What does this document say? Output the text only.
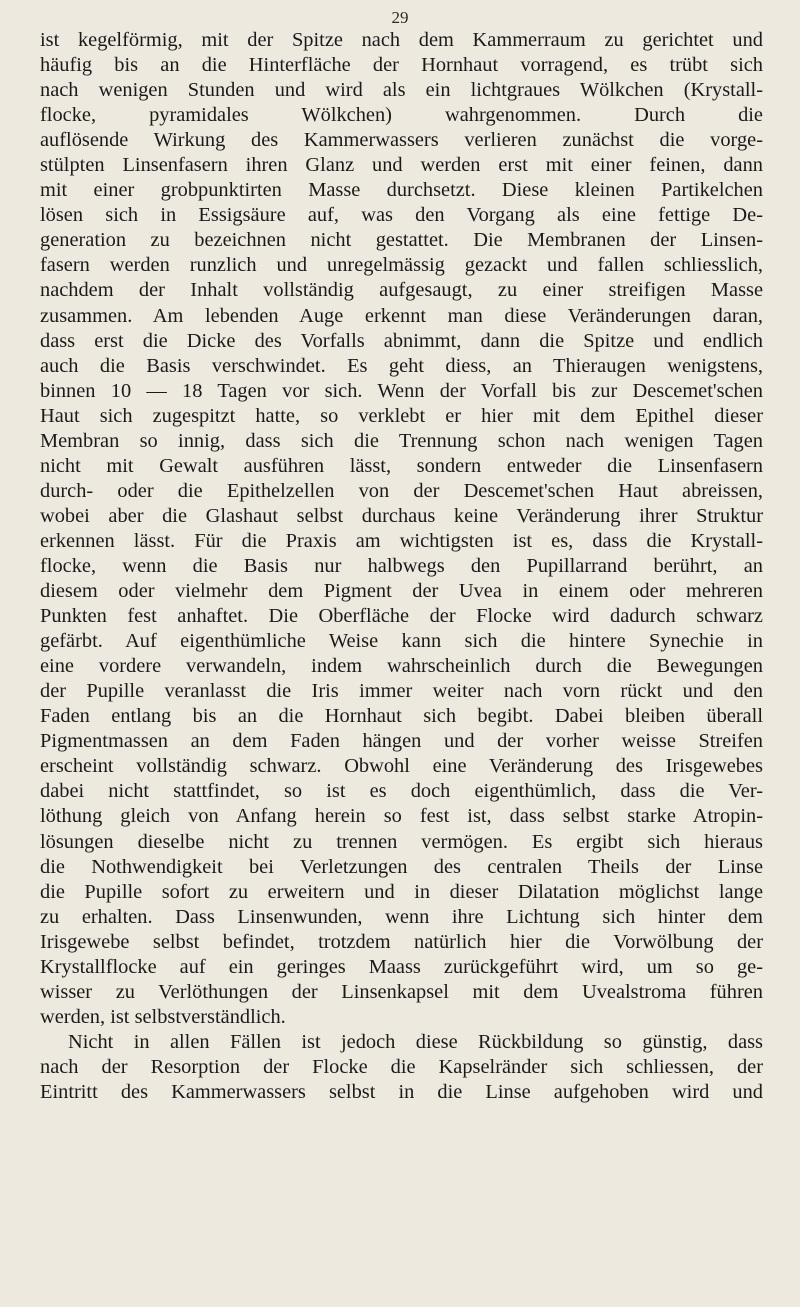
29
ist kegelförmig, mit der Spitze nach dem Kammerraum zu gerichtet und
häufig bis an die Hinterfläche der Hornhaut vorragend, es trübt sich
nach wenigen Stunden und wird als ein lichtgraues Wölkchen (Krystall-
flocke, pyramidales Wölkchen) wahrgenommen. Durch die
auflösende Wirkung des Kammerwassers verlieren zunächst die vorge-
stülpten Linsenfasern ihren Glanz und werden erst mit einer feinen, dann
mit einer grobpunktirten Masse durchsetzt. Diese kleinen Partikelchen
lösen sich in Essigsäure auf, was den Vorgang als eine fettige De-
generation zu bezeichnen nicht gestattet. Die Membranen der Linsen-
fasern werden runzlich und unregelmässig gezackt und fallen schliesslich,
nachdem der Inhalt vollständig aufgesaugt, zu einer streifigen Masse
zusammen. Am lebenden Auge erkennt man diese Veränderungen daran,
dass erst die Dicke des Vorfalls abnimmt, dann die Spitze und endlich
auch die Basis verschwindet. Es geht diess, an Thieraugen wenigstens,
binnen 10 — 18 Tagen vor sich. Wenn der Vorfall bis zur Descemet'schen
Haut sich zugespitzt hatte, so verklebt er hier mit dem Epithel dieser
Membran so innig, dass sich die Trennung schon nach wenigen Tagen
nicht mit Gewalt ausführen lässt, sondern entweder die Linsenfasern
durch- oder die Epithelzellen von der Descemet'schen Haut abreissen,
wobei aber die Glashaut selbst durchaus keine Veränderung ihrer Struktur
erkennen lässt. Für die Praxis am wichtigsten ist es, dass die Krystall-
flocke, wenn die Basis nur halbwegs den Pupillarrand berührt, an
diesem oder vielmehr dem Pigment der Uvea in einem oder mehreren
Punkten fest anhaftet. Die Oberfläche der Flocke wird dadurch schwarz
gefärbt. Auf eigenthümliche Weise kann sich die hintere Synechie in
eine vordere verwandeln, indem wahrscheinlich durch die Bewegungen
der Pupille veranlasst die Iris immer weiter nach vorn rückt und den
Faden entlang bis an die Hornhaut sich begibt. Dabei bleiben überall
Pigmentmassen an dem Faden hängen und der vorher weisse Streifen
erscheint vollständig schwarz. Obwohl eine Veränderung des Irisgewebes
dabei nicht stattfindet, so ist es doch eigenthümlich, dass die Ver-
löthung gleich von Anfang herein so fest ist, dass selbst starke Atropin-
lösungen dieselbe nicht zu trennen vermögen. Es ergibt sich hieraus
die Nothwendigkeit bei Verletzungen des centralen Theils der Linse
die Pupille sofort zu erweitern und in dieser Dilatation möglichst lange
zu erhalten. Dass Linsenwunden, wenn ihre Lichtung sich hinter dem
Irisgewebe selbst befindet, trotzdem natürlich hier die Vorwölbung der
Krystallflocke auf ein geringes Maass zurückgeführt wird, um so ge-
wisser zu Verlöthungen der Linsenkapsel mit dem Uvealstroma führen
werden, ist selbstverständlich.
Nicht in allen Fällen ist jedoch diese Rückbildung so günstig, dass
nach der Resorption der Flocke die Kapselränder sich schliessen, der
Eintritt des Kammerwassers selbst in die Linse aufgehoben wird und
